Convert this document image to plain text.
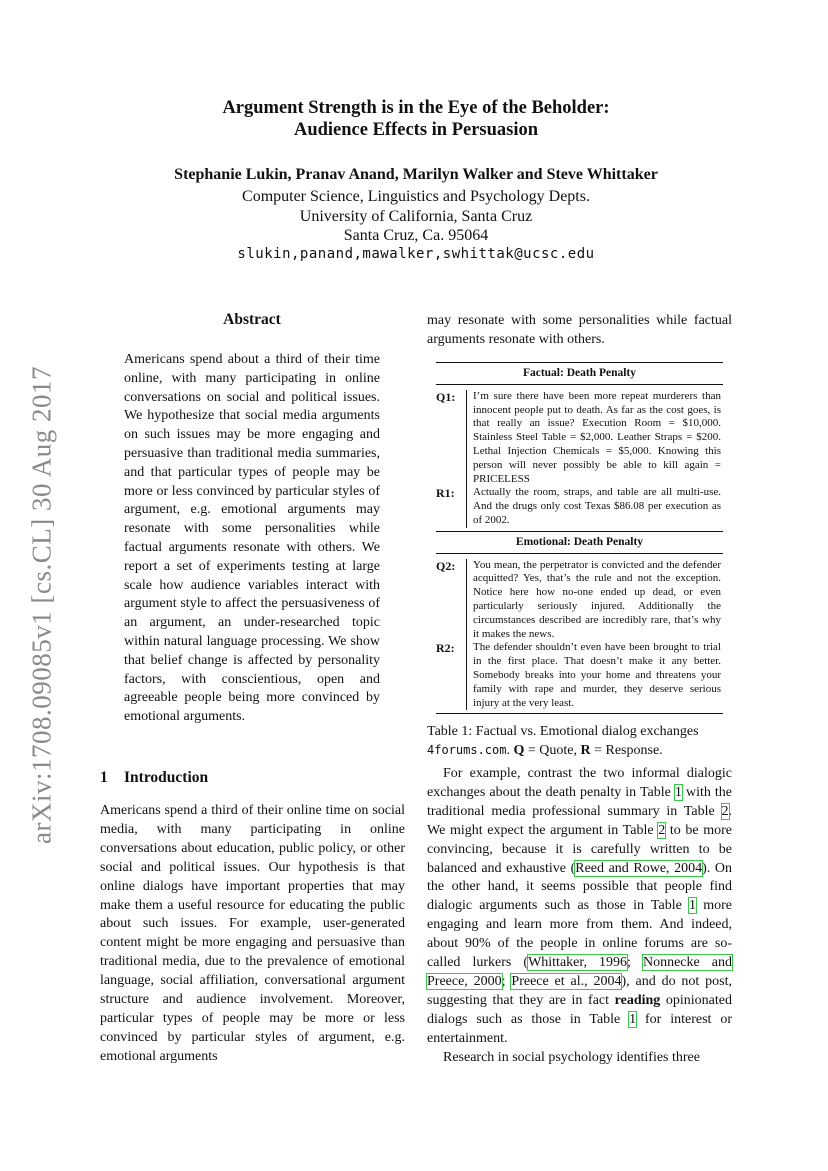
arXiv:1708.09085v1 [cs.CL] 30 Aug 2017
Argument Strength is in the Eye of the Beholder:
Audience Effects in Persuasion
Stephanie Lukin, Pranav Anand, Marilyn Walker and Steve Whittaker
Computer Science, Linguistics and Psychology Depts.
University of California, Santa Cruz
Santa Cruz, Ca. 95064
slukin,panand,mawalker,swhittak@ucsc.edu
Abstract
Americans spend about a third of their time online, with many participating in online conversations on social and political issues. We hypothesize that social media arguments on such issues may be more engaging and persuasive than traditional media summaries, and that particular types of people may be more or less convinced by particular styles of argument, e.g. emotional arguments may resonate with some personalities while factual arguments resonate with others. We report a set of experiments testing at large scale how audience variables interact with argument style to affect the persuasiveness of an argument, an under-researched topic within natural language processing. We show that belief change is affected by personality factors, with conscientious, open and agreeable people being more convinced by emotional arguments.
1 Introduction
Americans spend a third of their online time on social media, with many participating in online conversations about education, public policy, or other social and political issues. Our hypothesis is that online dialogs have important properties that may make them a useful resource for educating the public about such issues. For example, user-generated content might be more engaging and persuasive than traditional media, due to the prevalence of emotional language, social affiliation, conversational argument structure and audience involvement. Moreover, particular types of people may be more or less convinced by particular styles of argument, e.g. emotional arguments
may resonate with some personalities while factual arguments resonate with others.
Factual: Death Penalty
Q1:	I’m sure there have been more repeat murderers than innocent people put to death. As far as the cost goes, is that really an issue? Execution Room = $10,000. Stainless Steel Table = $2,000. Leather Straps = $200. Lethal Injection Chemicals = $5,000. Knowing this person will never possibly be able to kill again = PRICELESS
R1:	Actually the room, straps, and table are all multi-use. And the drugs only cost Texas $86.08 per execution as of 2002.
Emotional: Death Penalty
Q2:	You mean, the perpetrator is convicted and the defender acquitted? Yes, that’s the rule and not the exception. Notice here how no-one ended up dead, or even particularly seriously injured. Additionally the circumstances described are incredibly rare, that’s why it makes the news.
R2:	The defender shouldn’t even have been brought to trial in the first place. That doesn’t make it any better. Somebody breaks into your home and threatens your family with rape and murder, they deserve serious injury at the very least.
Table 1: Factual vs. Emotional dialog exchanges 4forums.com. Q = Quote, R = Response.

For example, contrast the two informal dialogic exchanges about the death penalty in Table 1 with the traditional media professional summary in Table 2. We might expect the argument in Table 2 to be more convincing, because it is carefully written to be balanced and exhaustive (Reed and Rowe, 2004). On the other hand, it seems possible that people find dialogic arguments such as those in Table 1 more engaging and learn more from them. And indeed, about 90% of the people in online forums are so-called lurkers (Whittaker, 1996; Nonnecke and Preece, 2000; Preece et al., 2004), and do not post, suggesting that they are in fact reading opinionated dialogs such as those in Table 1 for interest or entertainment.

Research in social psychology identifies three
